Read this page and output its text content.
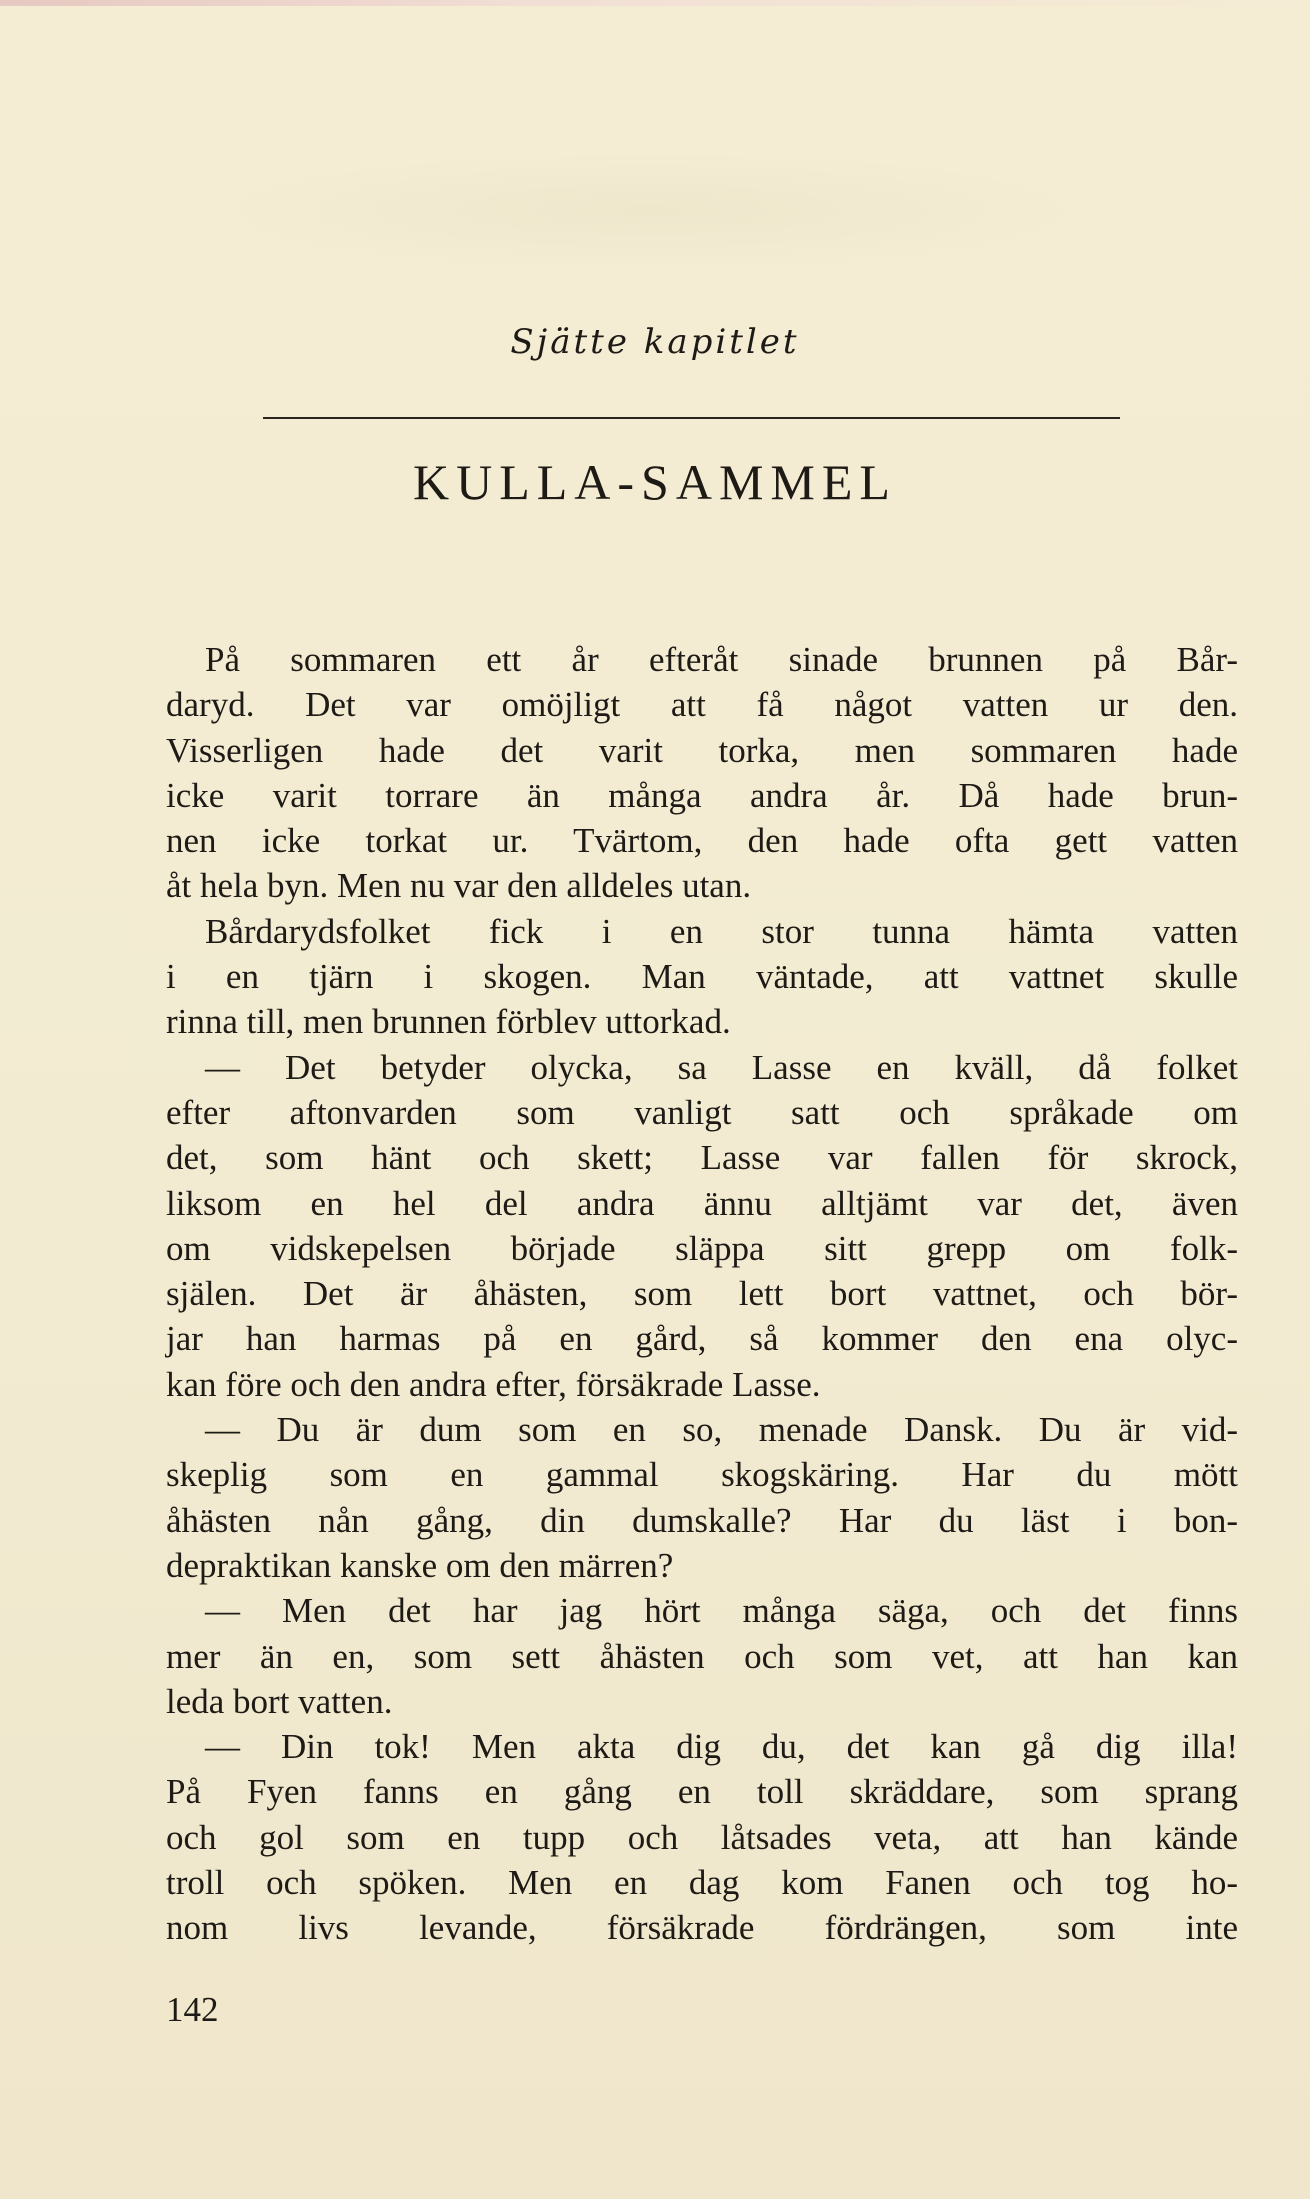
Sjätte kapitlet
KULLA-SAMMEL
På sommaren ett år efteråt sinade brunnen på Bår-
daryd. Det var omöjligt att få något vatten ur den.
Visserligen hade det varit torka, men sommaren hade
icke varit torrare än många andra år. Då hade brun-
nen icke torkat ur. Tvärtom, den hade ofta gett vatten
åt hela byn. Men nu var den alldeles utan.
Bårdarydsfolket fick i en stor tunna hämta vatten
i en tjärn i skogen. Man väntade, att vattnet skulle
rinna till, men brunnen förblev uttorkad.
— Det betyder olycka, sa Lasse en kväll, då folket
efter aftonvarden som vanligt satt och språkade om
det, som hänt och skett; Lasse var fallen för skrock,
liksom en hel del andra ännu alltjämt var det, även
om vidskepelsen började släppa sitt grepp om folk-
själen. Det är åhästen, som lett bort vattnet, och bör-
jar han harmas på en gård, så kommer den ena olyc-
kan före och den andra efter, försäkrade Lasse.
— Du är dum som en so, menade Dansk. Du är vid-
skeplig som en gammal skogskäring. Har du mött
åhästen nån gång, din dumskalle? Har du läst i bon-
depraktikan kanske om den märren?
— Men det har jag hört många säga, och det finns
mer än en, som sett åhästen och som vet, att han kan
leda bort vatten.
— Din tok! Men akta dig du, det kan gå dig illa!
På Fyen fanns en gång en toll skräddare, som sprang
och gol som en tupp och låtsades veta, att han kände
troll och spöken. Men en dag kom Fanen och tog ho-
nom livs levande, försäkrade fördrängen, som inte
142
